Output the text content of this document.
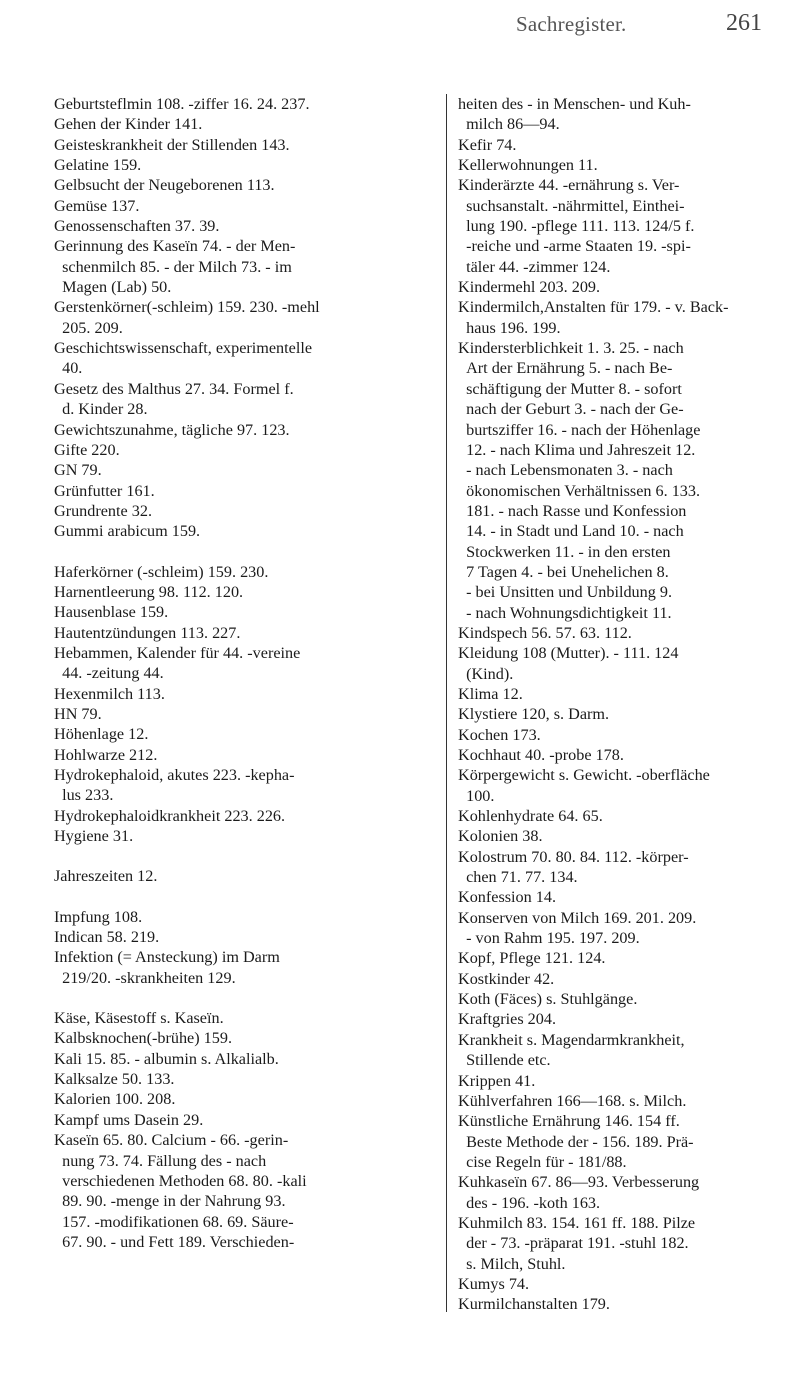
Sachregister.	261
Geburtsteflmin 108. -ziffer 16. 24. 237.
Gehen der Kinder 141.
Geisteskrankheit der Stillenden 143.
Gelatine 159.
Gelbsucht der Neugeborenen 113.
Gemüse 137.
Genossenschaften 37. 39.
Gerinnung des Kaseïn 74. - der Men-
schenmilch 85. - der Milch 73. - im
Magen (Lab) 50.
Gerstenkörner(-schleim) 159. 230. -mehl
205. 209.
Geschichtswissenschaft, experimentelle
40.
Gesetz des Malthus 27. 34. Formel f.
d. Kinder 28.
Gewichtszunahme, tägliche 97. 123.
Gifte 220.
GN 79.
Grünfutter 161.
Grundrente 32.
Gummi arabicum 159.
Haferkörner (-schleim) 159. 230.
Harnentleerung 98. 112. 120.
Hausenblase 159.
Hautentzündungen 113. 227.
Hebammen, Kalender für 44. -vereine
44. -zeitung 44.
Hexenmilch 113.
HN 79.
Höhenlage 12.
Hohlwarze 212.
Hydrokephaloid, akutes 223. -kepha-
lus 233.
Hydrokephaloidkrankheit 223. 226.
Hygiene 31.
Jahreszeiten 12.
Impfung 108.
Indican 58. 219.
Infektion (= Ansteckung) im Darm
219/20. -skrankheiten 129.
Käse, Käsestoff s. Kaseïn.
Kalbsknochen(-brühe) 159.
Kali 15. 85. - albumin s. Alkalialb.
Kalksalze 50. 133.
Kalorien 100. 208.
Kampf ums Dasein 29.
Kaseïn 65. 80. Calcium - 66. -gerin-
nung 73. 74. Fällung des - nach
verschiedenen Methoden 68. 80. -kali
89. 90. -menge in der Nahrung 93.
157. -modifikationen 68. 69. Säure-
67. 90. - und Fett 189. Verschieden-
heiten des - in Menschen- und Kuh-
milch 86—94.
Kefir 74.
Kellerwohnungen 11.
Kinderärzte 44. -ernährung s. Ver-
suchsanstalt. -nährmittel, Einthei-
lung 190. -pflege 111. 113. 124/5 f.
-reiche und -arme Staaten 19. -spi-
täler 44. -zimmer 124.
Kindermehl 203. 209.
Kindermilch,Anstalten für 179. - v. Back-
haus 196. 199.
Kindersterblichkeit 1. 3. 25. - nach
Art der Ernährung 5. - nach Be-
schäftigung der Mutter 8. - sofort
nach der Geburt 3. - nach der Ge-
burtsziffer 16. - nach der Höhenlage
12. - nach Klima und Jahreszeit 12.
- nach Lebensmonaten 3. - nach
ökonomischen Verhältnissen 6. 133.
181. - nach Rasse und Konfession
14. - in Stadt und Land 10. - nach
Stockwerken 11. - in den ersten
7 Tagen 4. - bei Unehelichen 8.
- bei Unsitten und Unbildung 9.
- nach Wohnungsdichtigkeit 11.
Kindspech 56. 57. 63. 112.
Kleidung 108 (Mutter). - 111. 124
(Kind).
Klima 12.
Klystiere 120, s. Darm.
Kochen 173.
Kochhaut 40. -probe 178.
Körpergewicht s. Gewicht. -oberfläche
100.
Kohlenhydrate 64. 65.
Kolonien 38.
Kolostrum 70. 80. 84. 112. -körper-
chen 71. 77. 134.
Konfession 14.
Konserven von Milch 169. 201. 209.
- von Rahm 195. 197. 209.
Kopf, Pflege 121. 124.
Kostkinder 42.
Koth (Fäces) s. Stuhlgänge.
Kraftgries 204.
Krankheit s. Magendarmkrankheit,
Stillende etc.
Krippen 41.
Kühlverfahren 166—168. s. Milch.
Künstliche Ernährung 146. 154 ff.
Beste Methode der - 156. 189. Prä-
cise Regeln für - 181/88.
Kuhkaseïn 67. 86—93. Verbesserung
des - 196. -koth 163.
Kuhmilch 83. 154. 161 ff. 188. Pilze
der - 73. -präparat 191. -stuhl 182.
s. Milch, Stuhl.
Kumys 74.
Kurmilchanstalten 179.
